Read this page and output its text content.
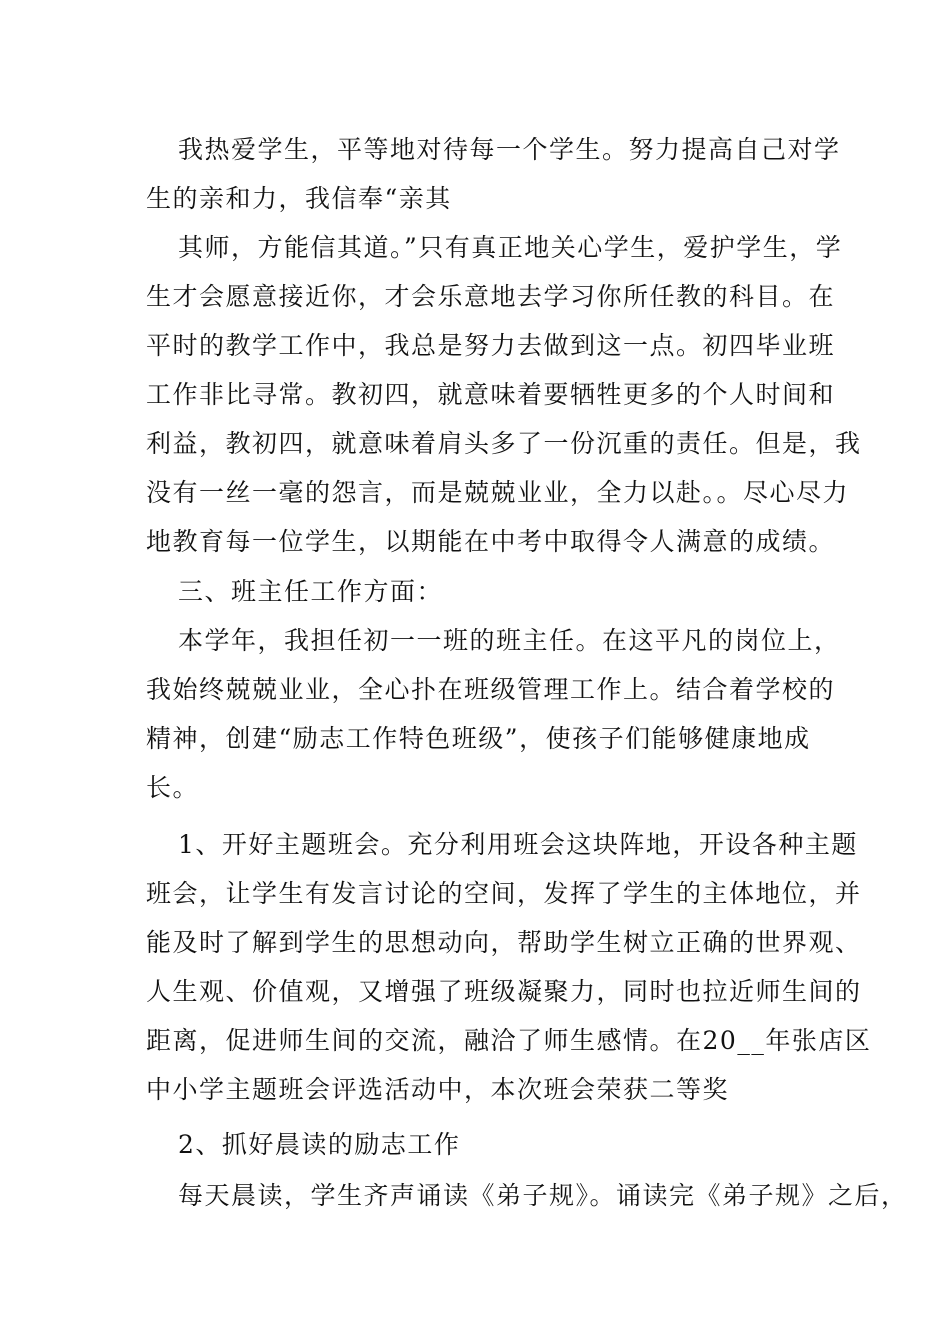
我热爱学生，平等地对待每一个学生。努力提高自己对学
生的亲和力，我信奉“亲其
其师，方能信其道。”只有真正地关心学生，爱护学生，学
生才会愿意接近你，才会乐意地去学习你所任教的科目。在
平时的教学工作中，我总是努力去做到这一点。初四毕业班
工作非比寻常。教初四，就意味着要牺牲更多的个人时间和
利益，教初四，就意味着肩头多了一份沉重的责任。但是，我
没有一丝一毫的怨言，而是兢兢业业，全力以赴。。尽心尽力
地教育每一位学生，以期能在中考中取得令人满意的成绩。
三、班主任工作方面：
本学年，我担任初一一班的班主任。在这平凡的岗位上，
我始终兢兢业业，全心扑在班级管理工作上。结合着学校的
精神，创建“励志工作特色班级”，使孩子们能够健康地成
长。
1、开好主题班会。充分利用班会这块阵地，开设各种主题
班会，让学生有发言讨论的空间，发挥了学生的主体地位，并
能及时了解到学生的思想动向，帮助学生树立正确的世界观、
人生观、价值观，又增强了班级凝聚力，同时也拉近师生间的
距离，促进师生间的交流，融洽了师生感情。在20__年张店区
中小学主题班会评选活动中，本次班会荣获二等奖
2、抓好晨读的励志工作
每天晨读，学生齐声诵读《弟子规》。诵读完《弟子规》之后，
